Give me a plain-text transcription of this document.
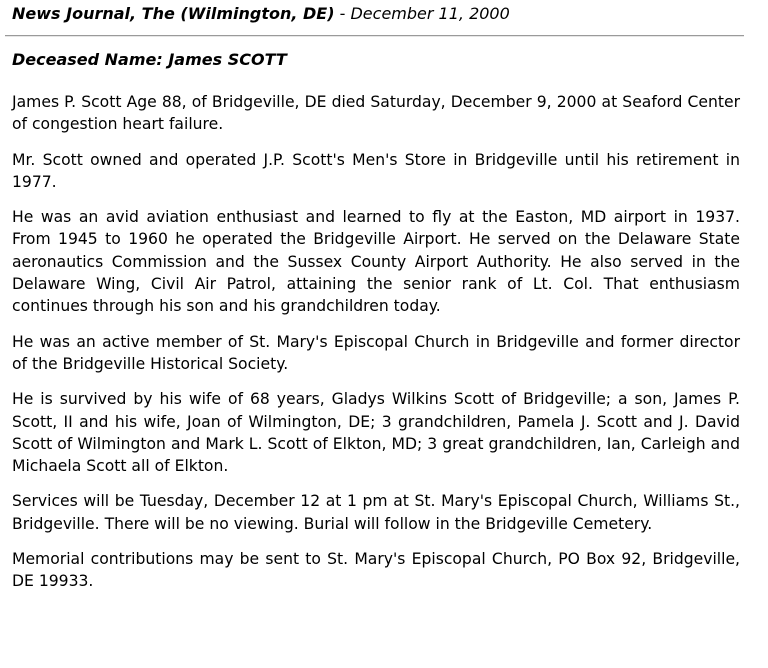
News Journal, The (Wilmington, DE) - December 11, 2000
Deceased Name: James SCOTT

James P. Scott Age 88, of Bridgeville, DE died Saturday, December 9, 2000 at Seaford Center of congestion heart failure.

Mr. Scott owned and operated J.P. Scott's Men's Store in Bridgeville until his retirement in 1977.

He was an avid aviation enthusiast and learned to fly at the Easton, MD airport in 1937. From 1945 to 1960 he operated the Bridgeville Airport. He served on the Delaware State aeronautics Commission and the Sussex County Airport Authority. He also served in the Delaware Wing, Civil Air Patrol, attaining the senior rank of Lt. Col. That enthusiasm continues through his son and his grandchildren today.

He was an active member of St. Mary's Episcopal Church in Bridgeville and former director of the Bridgeville Historical Society.

He is survived by his wife of 68 years, Gladys Wilkins Scott of Bridgeville; a son, James P. Scott, II and his wife, Joan of Wilmington, DE; 3 grandchildren, Pamela J. Scott and J. David Scott of Wilmington and Mark L. Scott of Elkton, MD; 3 great grandchildren, Ian, Carleigh and Michaela Scott all of Elkton.

Services will be Tuesday, December 12 at 1 pm at St. Mary's Episcopal Church, Williams St., Bridgeville. There will be no viewing. Burial will follow in the Bridgeville Cemetery.

Memorial contributions may be sent to St. Mary's Episcopal Church, PO Box 92, Bridgeville, DE 19933.
